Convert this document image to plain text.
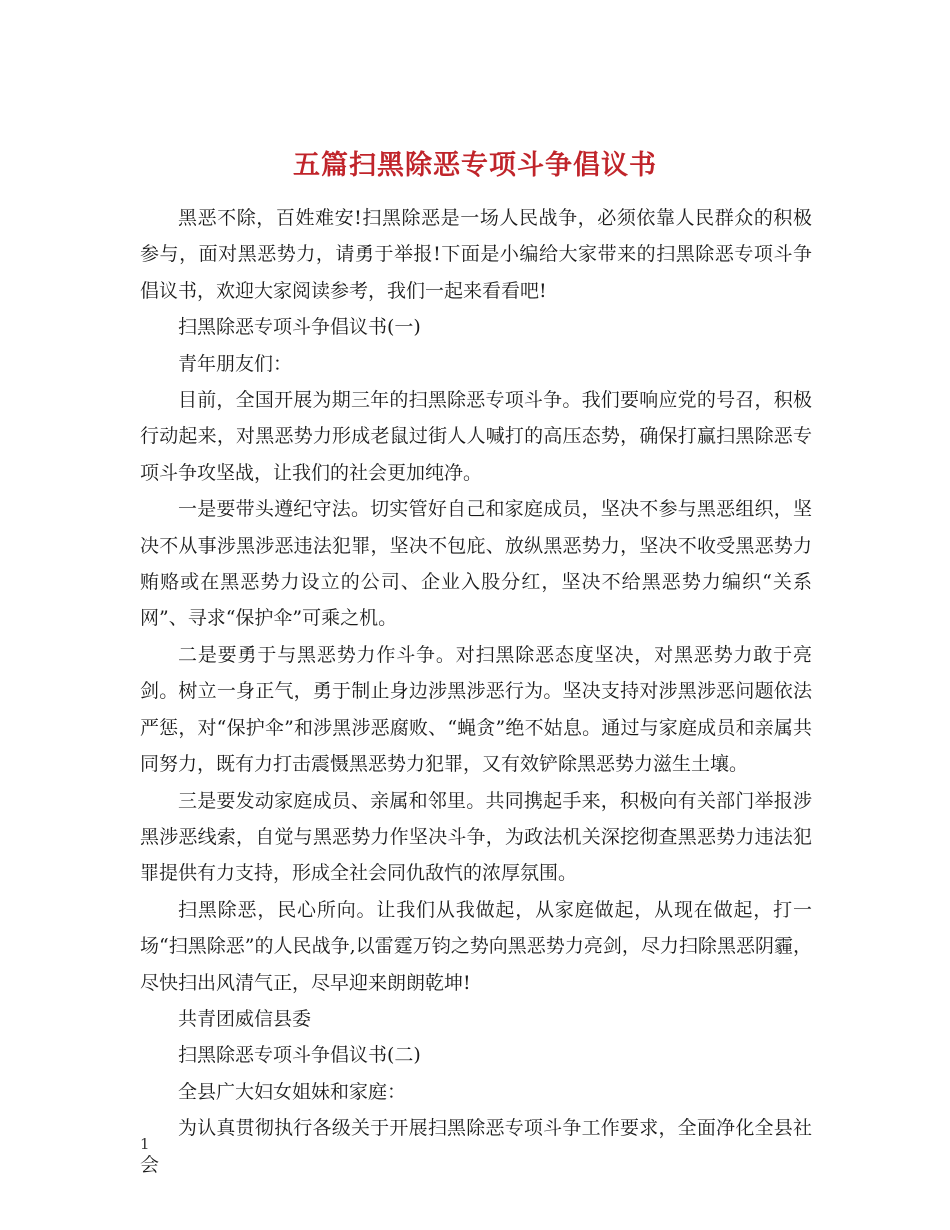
五篇扫黑除恶专项斗争倡议书

黑恶不除，百姓难安!扫黑除恶是一场人民战争，必须依靠人民群众的积极参与，面对黑恶势力，请勇于举报!下面是小编给大家带来的扫黑除恶专项斗争倡议书，欢迎大家阅读参考，我们一起来看看吧!

扫黑除恶专项斗争倡议书(一)

青年朋友们：

目前，全国开展为期三年的扫黑除恶专项斗争。我们要响应党的号召，积极行动起来，对黑恶势力形成老鼠过街人人喊打的高压态势，确保打赢扫黑除恶专项斗争攻坚战，让我们的社会更加纯净。

一是要带头遵纪守法。切实管好自己和家庭成员，坚决不参与黑恶组织，坚决不从事涉黑涉恶违法犯罪，坚决不包庇、放纵黑恶势力，坚决不收受黑恶势力贿赂或在黑恶势力设立的公司、企业入股分红，坚决不给黑恶势力编织“关系网”、寻求“保护伞”可乘之机。

二是要勇于与黑恶势力作斗争。对扫黑除恶态度坚决，对黑恶势力敢于亮剑。树立一身正气，勇于制止身边涉黑涉恶行为。坚决支持对涉黑涉恶问题依法严惩，对“保护伞”和涉黑涉恶腐败、“蝇贪”绝不姑息。通过与家庭成员和亲属共同努力，既有力打击震慑黑恶势力犯罪，又有效铲除黑恶势力滋生土壤。

三是要发动家庭成员、亲属和邻里。共同携起手来，积极向有关部门举报涉黑涉恶线索，自觉与黑恶势力作坚决斗争，为政法机关深挖彻查黑恶势力违法犯罪提供有力支持，形成全社会同仇敌忾的浓厚氛围。

扫黑除恶，民心所向。让我们从我做起，从家庭做起，从现在做起，打一场“扫黑除恶”的人民战争,以雷霆万钧之势向黑恶势力亮剑，尽力扫除黑恶阴霾，尽快扫出风清气正，尽早迎来朗朗乾坤!

共青团威信县委

扫黑除恶专项斗争倡议书(二)

全县广大妇女姐妹和家庭：

为认真贯彻执行各级关于开展扫黑除恶专项斗争工作要求，全面净化全县社会

1
